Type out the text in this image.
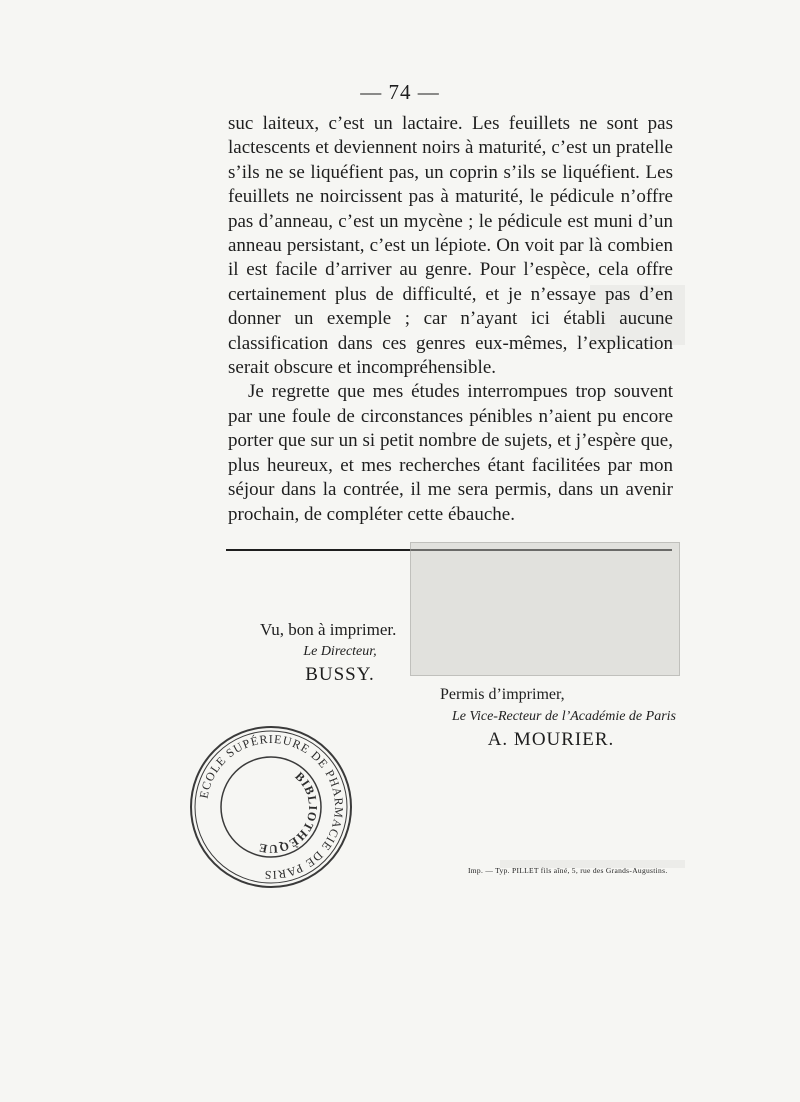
— 74 —

suc laiteux, c’est un lactaire. Les feuillets ne sont pas lactescents et deviennent noirs à maturité, c’est un pratelle s’ils ne se liquéfient pas, un coprin s’ils se liquéfient. Les feuillets ne noircissent pas à maturité, le pédicule n’offre pas d’anneau, c’est un mycène ; le pédicule est muni d’un anneau persistant, c’est un lépiote. On voit par là combien il est facile d’arriver au genre. Pour l’espèce, cela offre certainement plus de difficulté, et je n’essaye pas d’en donner un exemple ; car n’ayant ici établi aucune classification dans ces genres eux-mêmes, l’explication serait obscure et incompréhensible.

Je regrette que mes études interrompues trop souvent par une foule de circonstances pénibles n’aient pu encore porter que sur un si petit nombre de sujets, et j’espère que, plus heureux, et mes recherches étant facilitées par mon séjour dans la contrée, il me sera permis, dans un avenir prochain, de compléter cette ébauche.

Vu, bon à imprimer.
Le Directeur,
BUSSY.
Permis d’imprimer,
Le Vice-Recteur de l’Académie de Paris
A. MOURIER.
ECOLE SUPÉRIEURE DE PHARMACIE DE PARIS
BIBLIOTHÈQUE
Imp. — Typ. PILLET fils aîné, 5, rue des Grands-Augustins.
